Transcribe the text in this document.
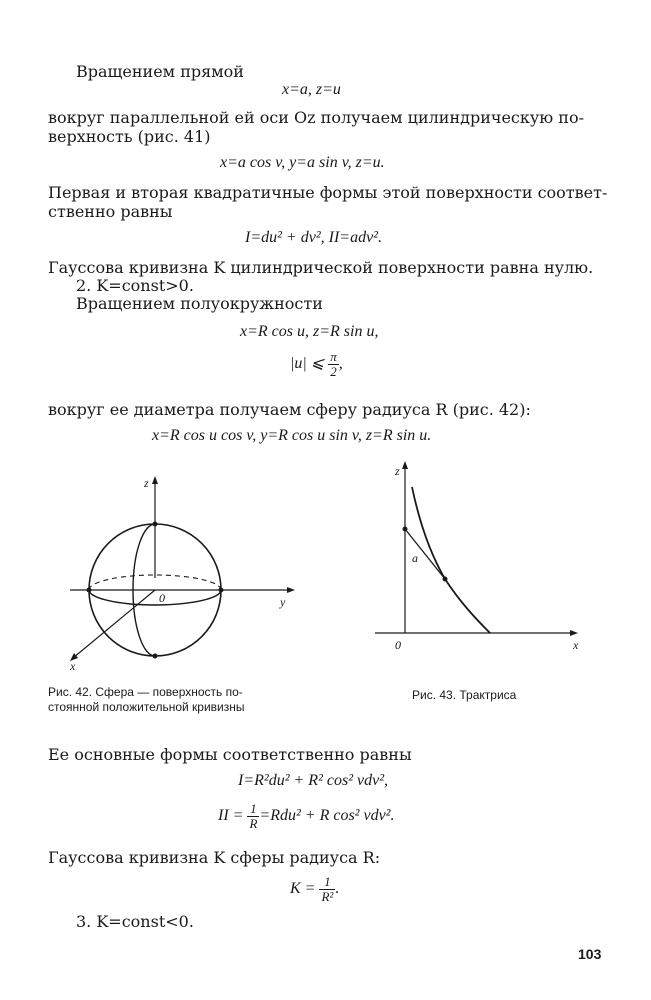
Вращением прямой
x=a, z=u
вокруг параллельной ей оси Oz получаем цилиндрическую по-
верхность (рис. 41)
x=a cos v, y=a sin v, z=u.
Первая и вторая квадратичные формы этой поверхности соответ-
ственно равны
I=du² + dv², II=adv².
Гауссова кривизна K цилиндрической поверхности равна нулю.
2. K=const>0.
Вращением полуокружности
x=R cos u, z=R sin u,
|u| ⩽ $\frac{\pi}{2}$ ,
вокруг ее диаметра получаем сферу радиуса R (рис. 42):
x=R cos u cos v, y=R cos u sin v, z=R sin u.
z
y
x
0
Рис. 42. Сфера — поверхность по-
стоянной положительной кривизны
z
x
0
a
Рис. 43. Трактриса
Ее основные формы соответственно равны
I=R²du² + R² cos² vdv²,
II = $\frac{1}{R} =Rdu^2 + R$ cos² vdv².
Гауссова кривизна K сферы радиуса R:
$K = \frac{1}{\text{R²}}$ .
3. K=const<0.
103
